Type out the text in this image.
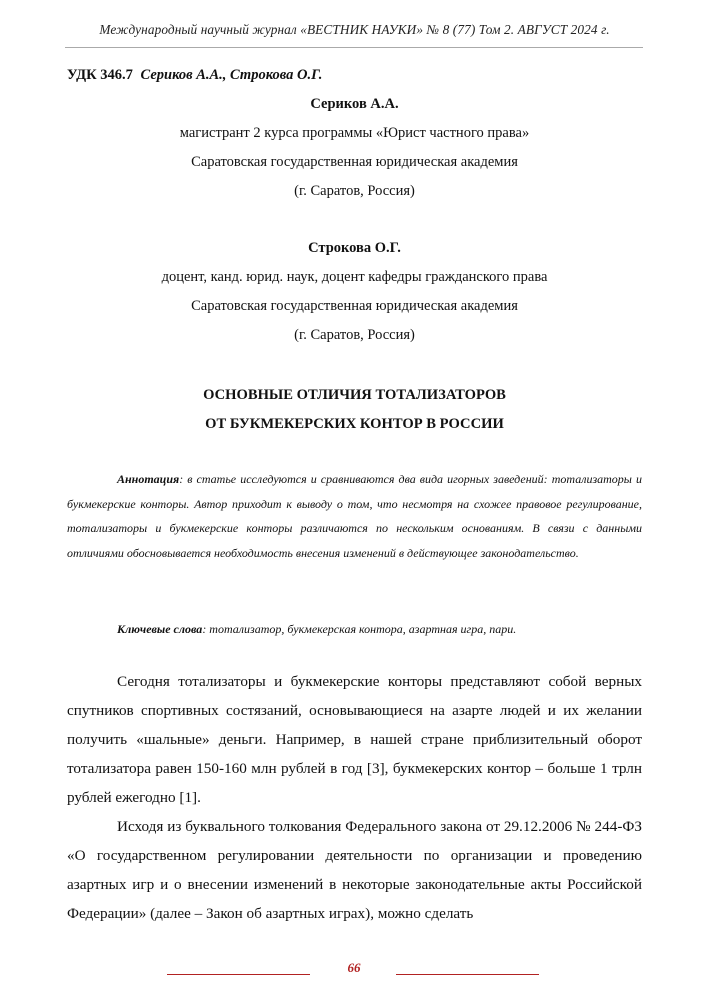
Международный научный журнал «ВЕСТНИК НАУКИ» № 8 (77) Том 2. АВГУСТ 2024 г.
УДК 346.7 Сериков А.А., Строкова О.Г.
Сериков А.А.
магистрант 2 курса программы «Юрист частного права»
Саратовская государственная юридическая академия
(г. Саратов, Россия)
Строкова О.Г.
доцент, канд. юрид. наук, доцент кафедры гражданского права
Саратовская государственная юридическая академия
(г. Саратов, Россия)
ОСНОВНЫЕ ОТЛИЧИЯ ТОТАЛИЗАТОРОВ
ОТ БУКМЕКЕРСКИХ КОНТОР В РОССИИ
Аннотация: в статье исследуются и сравниваются два вида игорных заведений: тотализаторы и букмекерские конторы. Автор приходит к выводу о том, что несмотря на схожее правовое регулирование, тотализаторы и букмекерские конторы различаются по нескольким основаниям. В связи с данными отличиями обосновывается необходимость внесения изменений в действующее законодательство.
Ключевые слова: тотализатор, букмекерская контора, азартная игра, пари.

Сегодня тотализаторы и букмекерские конторы представляют собой верных спутников спортивных состязаний, основывающиеся на азарте людей и их желании получить «шальные» деньги. Например, в нашей стране приблизительный оборот тотализатора равен 150-160 млн рублей в год [3], букмекерских контор – больше 1 трлн рублей ежегодно [1].

Исходя из буквального толкования Федерального закона от 29.12.2006 № 244-ФЗ «О государственном регулировании деятельности по организации и проведению азартных игр и о внесении изменений в некоторые законодательные акты Российской Федерации» (далее – Закон об азартных играх), можно сделать

66
